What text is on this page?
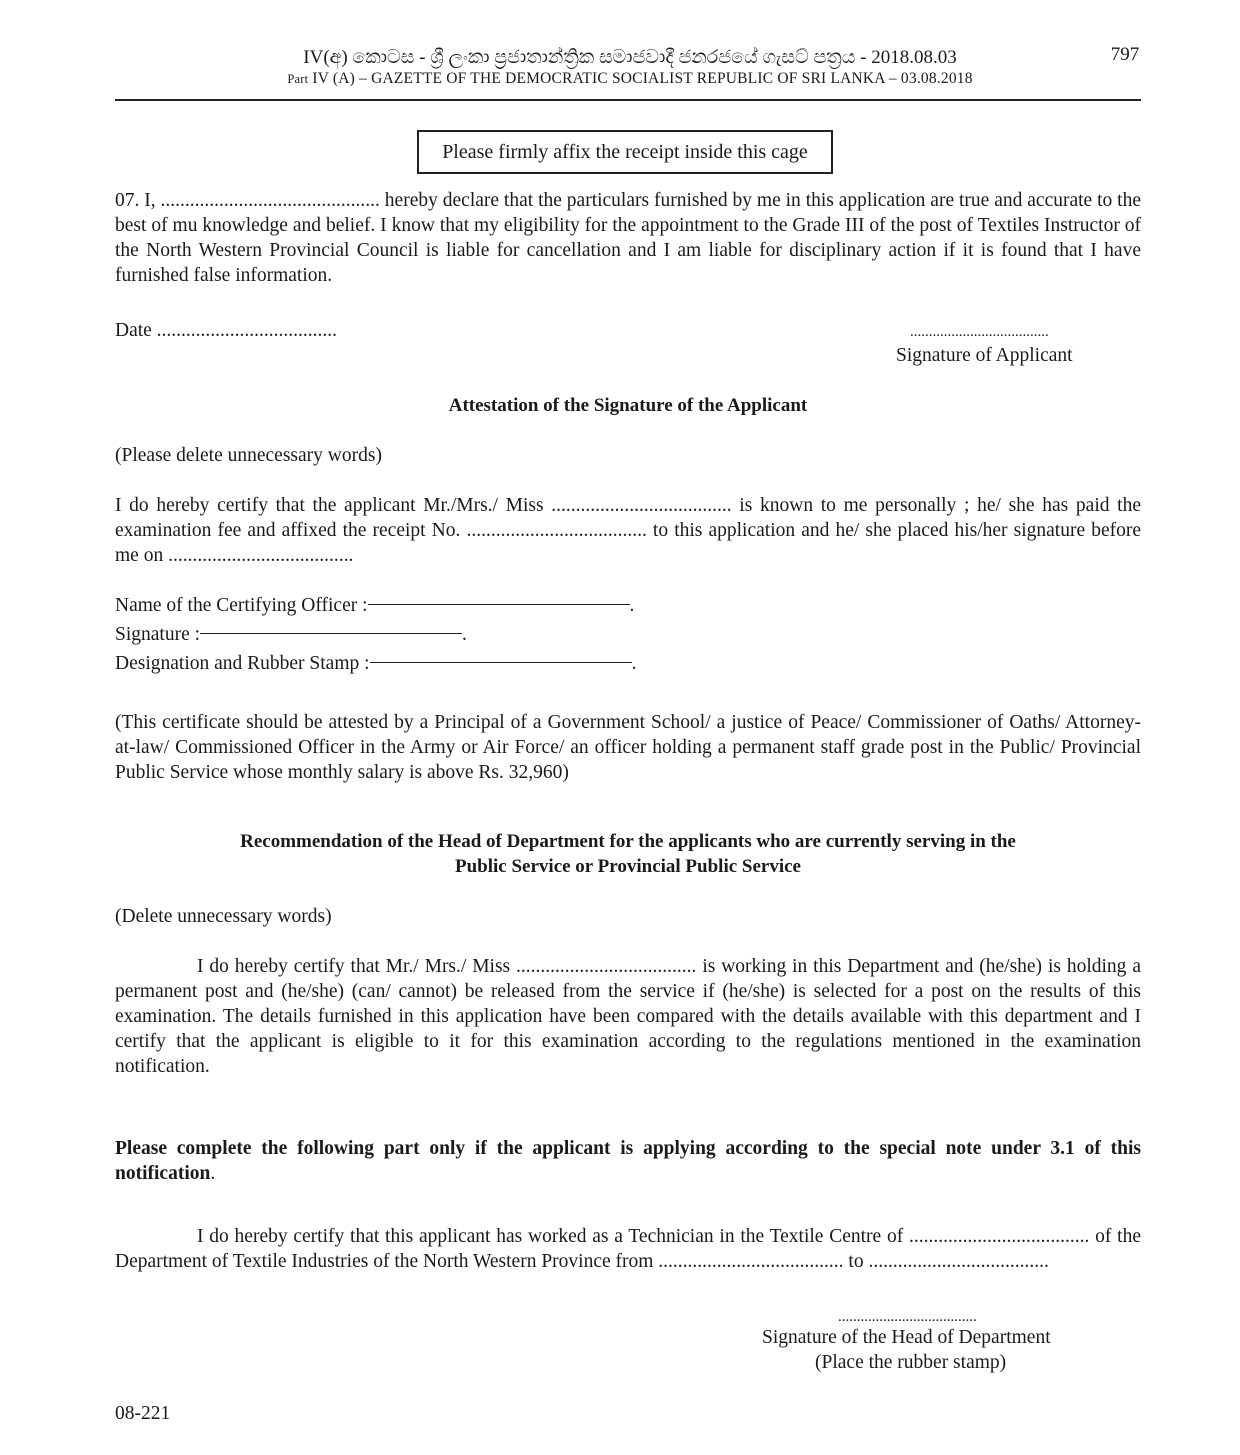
IV(අ) කොටස - ශ්‍රී ලංකා ප්‍රජාතාන්ත්‍රික සමාජවාදී ජනරජයේ ගැසට් පත්‍රය - 2018.08.03
Part IV (A) – GAZETTE OF THE DEMOCRATIC SOCIALIST REPUBLIC OF SRI LANKA – 03.08.2018
797
Please firmly affix the receipt inside this cage
07. I, ............................................. hereby declare that the particulars furnished by me in this application are true and accurate to the best of mu knowledge and belief. I know that my eligibility for the appointment to the Grade III of the post of Textiles Instructor of the North Western Provincial Council is liable for cancellation and I am liable for disciplinary action if it is found that I have furnished false information.
Date .....................................	.....................................
Signature of Applicant
Attestation of the Signature of the Applicant
(Please delete unnecessary words)
I do hereby certify that the applicant Mr./Mrs./ Miss ..................................... is known to me personally ; he/ she has paid the examination fee and affixed the receipt No. ..................................... to this application and he/ she placed his/her signature before me on ......................................
Name of the Certifying Officer :	.
Signature :	.
Designation and Rubber Stamp :	.
(This certificate should be attested by a Principal of a Government School/ a justice of Peace/ Commissioner of Oaths/ Attorney- at-law/ Commissioned Officer in the Army or Air Force/ an officer holding a permanent staff grade post in the Public/ Provincial Public Service whose monthly salary is above Rs. 32,960)
Recommendation of the Head of Department for the applicants who are currently serving in the
Public Service or Provincial Public Service
(Delete unnecessary words)
I do hereby certify that Mr./ Mrs./ Miss ..................................... is working in this Department and (he/she) is holding a permanent post and (he/she) (can/ cannot) be released from the service if (he/she) is selected for a post on the results of this examination. The details furnished in this application have been compared with the details available with this department and I certify that the applicant is eligible to it for this examination according to the regulations mentioned in the examination notification.
Please complete the following part only if the applicant is applying according to the special note under 3.1 of this notification.
I do hereby certify that this applicant has worked as a Technician in the Textile Centre of ..................................... of the Department of Textile Industries of the North Western Province from ...................................... to .....................................
.....................................
Signature of the Head of Department
(Place the rubber stamp)
08-221
